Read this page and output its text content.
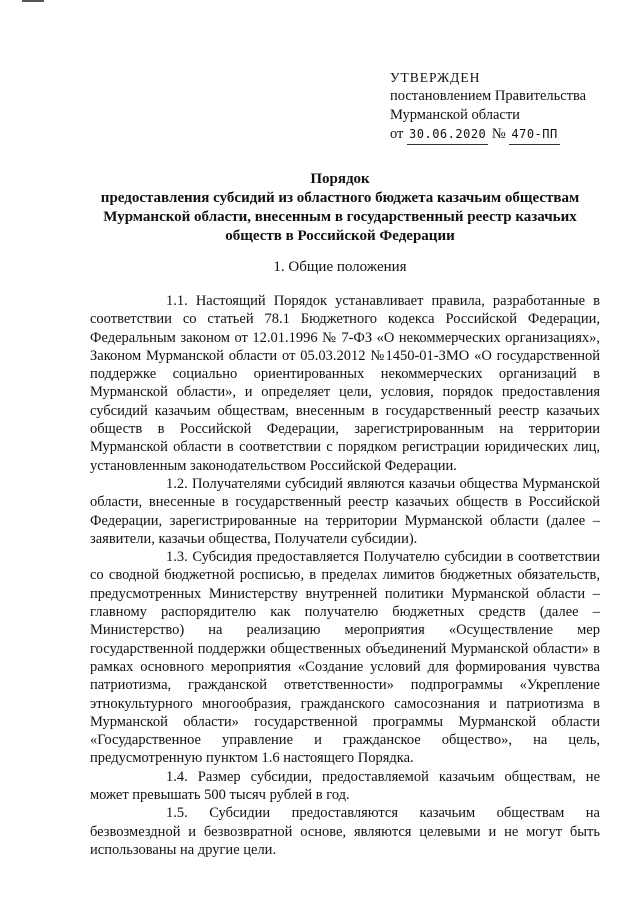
УТВЕРЖДЕН
постановлением Правительства
Мурманской области
от 30.06.2020 № 470-ПП
Порядок
предоставления субсидий из областного бюджета казачьим обществам
Мурманской области, внесенным в государственный реестр казачьих
обществ в Российской Федерации
1. Общие положения

1.1. Настоящий Порядок устанавливает правила, разработанные в соответствии со статьей 78.1 Бюджетного кодекса Российской Федерации, Федеральным законом от 12.01.1996 № 7-ФЗ «О некоммерческих организациях», Законом Мурманской области от 05.03.2012 №1450-01-ЗМО «О государственной поддержке социально ориентированных некоммерческих организаций в Мурманской области», и определяет цели, условия, порядок предоставления субсидий казачьим обществам, внесенным в государственный реестр казачьих обществ в Российской Федерации, зарегистрированным на территории Мурманской области в соответствии с порядком регистрации юридических лиц, установленным законодательством Российской Федерации.

1.2. Получателями субсидий являются казачьи общества Мурманской области, внесенные в государственный реестр казачьих обществ в Российской Федерации, зарегистрированные на территории Мурманской области (далее – заявители, казачьи общества, Получатели субсидии).

1.3. Субсидия предоставляется Получателю субсидии в соответствии со сводной бюджетной росписью, в пределах лимитов бюджетных обязательств, предусмотренных Министерству внутренней политики Мурманской области – главному распорядителю как получателю бюджетных средств (далее – Министерство) на реализацию мероприятия «Осуществление мер государственной поддержки общественных объединений Мурманской области» в рамках основного мероприятия «Создание условий для формирования чувства патриотизма, гражданской ответственности» подпрограммы «Укрепление этнокультурного многообразия, гражданского самосознания и патриотизма в Мурманской области» государственной программы Мурманской области «Государственное управление и гражданское общество», на цель, предусмотренную пунктом 1.6 настоящего Порядка.

1.4. Размер субсидии, предоставляемой казачьим обществам, не может превышать 500 тысяч рублей в год.

1.5. Субсидии предоставляются казачьим обществам на безвозмездной и безвозвратной основе, являются целевыми и не могут быть использованы на другие цели.
